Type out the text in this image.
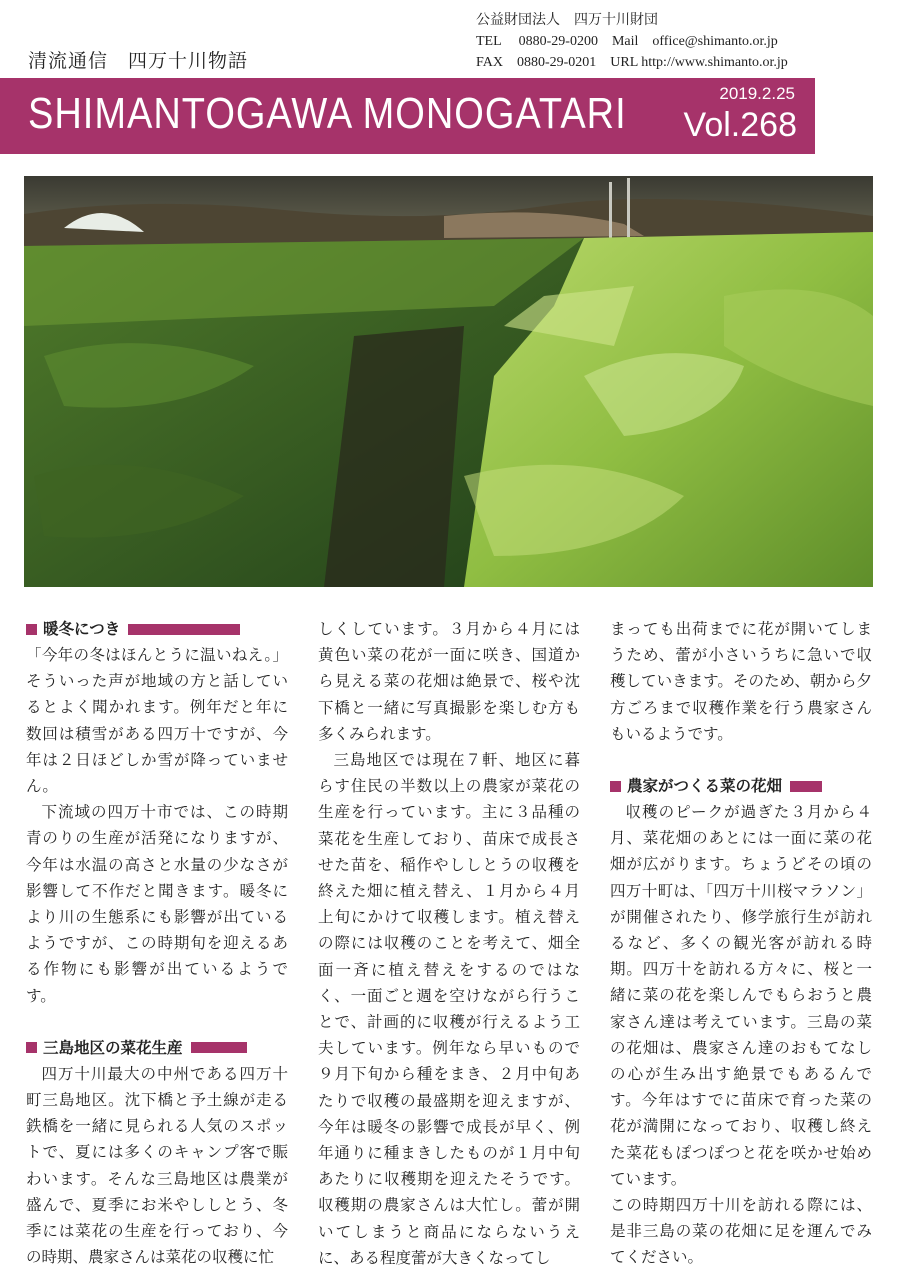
清流通信　四万十川物語
公益財団法人　四万十川財団
TEL　 0880-29-0200　Mail　office@shimanto.or.jp
FAX　0880-29-0201　URL http://www.shimanto.or.jp
SHIMANTOGAWA MONOGATARI	2019.2.25
Vol.268
暖冬につき

「今年の冬はほんとうに温いねえ。」そういった声が地域の方と話しているとよく聞かれます。例年だと年に数回は積雪がある四万十ですが、今年は２日ほどしか雪が降っていません。

下流域の四万十市では、この時期青のりの生産が活発になりますが、今年は水温の高さと水量の少なさが影響して不作だと聞きます。暖冬により川の生態系にも影響が出ているようですが、この時期旬を迎えるある作物にも影響が出ているようです。

三島地区の菜花生産

四万十川最大の中州である四万十町三島地区。沈下橋と予土線が走る鉄橋を一緒に見られる人気のスポットで、夏には多くのキャンプ客で賑わいます。そんな三島地区は農業が盛んで、夏季にお米やししとう、冬季には菜花の生産を行っており、今の時期、農家さんは菜花の収穫に忙

しくしています。３月から４月には黄色い菜の花が一面に咲き、国道から見える菜の花畑は絶景で、桜や沈下橋と一緒に写真撮影を楽しむ方も多くみられます。

三島地区では現在７軒、地区に暮らす住民の半数以上の農家が菜花の生産を行っています。主に３品種の菜花を生産しており、苗床で成長させた苗を、稲作やししとうの収穫を終えた畑に植え替え、１月から４月上旬にかけて収穫します。植え替えの際には収穫のことを考えて、畑全面一斉に植え替えをするのではなく、一面ごと週を空けながら行うことで、計画的に収穫が行えるよう工夫しています。例年なら早いもので９月下旬から種をまき、２月中旬あたりで収穫の最盛期を迎えますが、今年は暖冬の影響で成長が早く、例年通りに種まきしたものが１月中旬あたりに収穫期を迎えたそうです。収穫期の農家さんは大忙し。蕾が開いてしまうと商品にならないうえに、ある程度蕾が大きくなってし

まっても出荷までに花が開いてしまうため、蕾が小さいうちに急いで収穫していきます。そのため、朝から夕方ごろまで収穫作業を行う農家さんもいるようです。

農家がつくる菜の花畑

収穫のピークが過ぎた３月から４月、菜花畑のあとには一面に菜の花畑が広がります。ちょうどその頃の四万十町は、「四万十川桜マラソン」が開催されたり、修学旅行生が訪れるなど、多くの観光客が訪れる時期。四万十を訪れる方々に、桜と一緒に菜の花を楽しんでもらおうと農家さん達は考えています。三島の菜の花畑は、農家さん達のおもてなしの心が生み出す絶景でもあるんです。今年はすでに苗床で育った菜の花が満開になっており、収穫し終えた菜花もぽつぽつと花を咲かせ始めています。

この時期四万十川を訪れる際には、是非三島の菜の花畑に足を運んでみてください。
